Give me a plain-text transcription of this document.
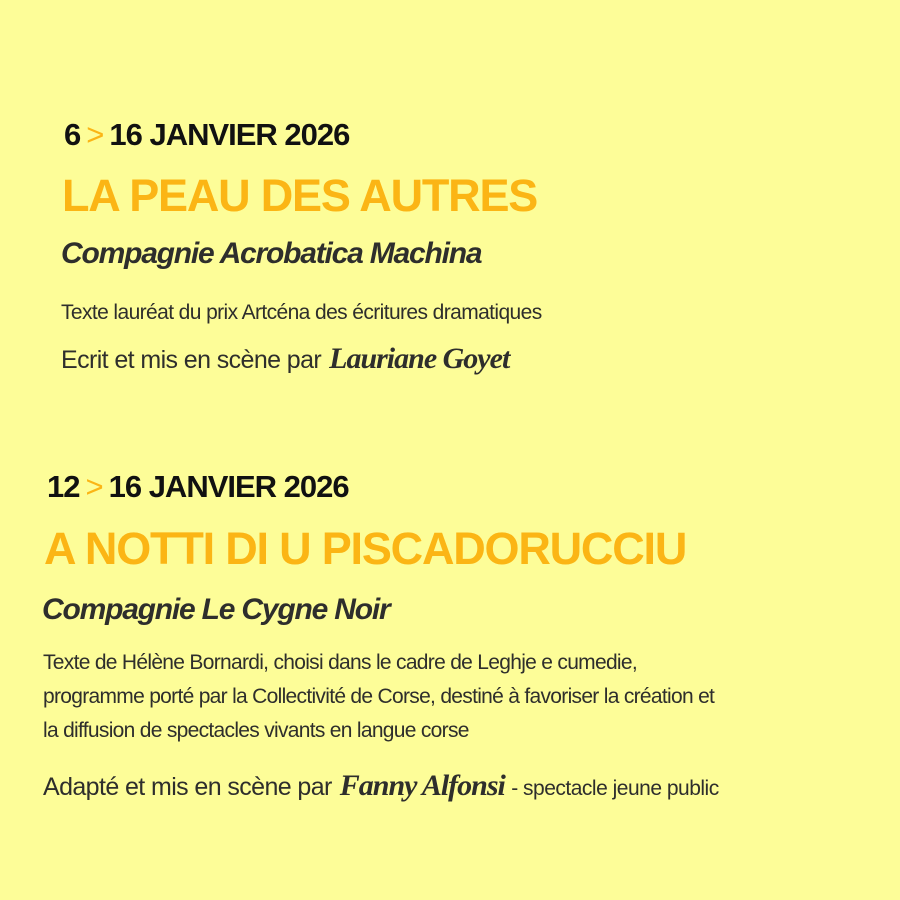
6 > 16 JANVIER 2026
LA PEAU DES AUTRES
Compagnie Acrobatica Machina
Texte lauréat du prix Artcéna des écritures dramatiques
Ecrit et mis en scène par Lauriane Goyet
12 > 16 JANVIER 2026
A NOTTI DI U PISCADORUCCIU
Compagnie Le Cygne Noir
Texte de Hélène Bornardi, choisi dans le cadre de Leghje e cumedie,
programme porté par la Collectivité de Corse, destiné à favoriser la création et
la diffusion de spectacles vivants en langue corse
Adapté et mis en scène par Fanny Alfonsi - spectacle jeune public
